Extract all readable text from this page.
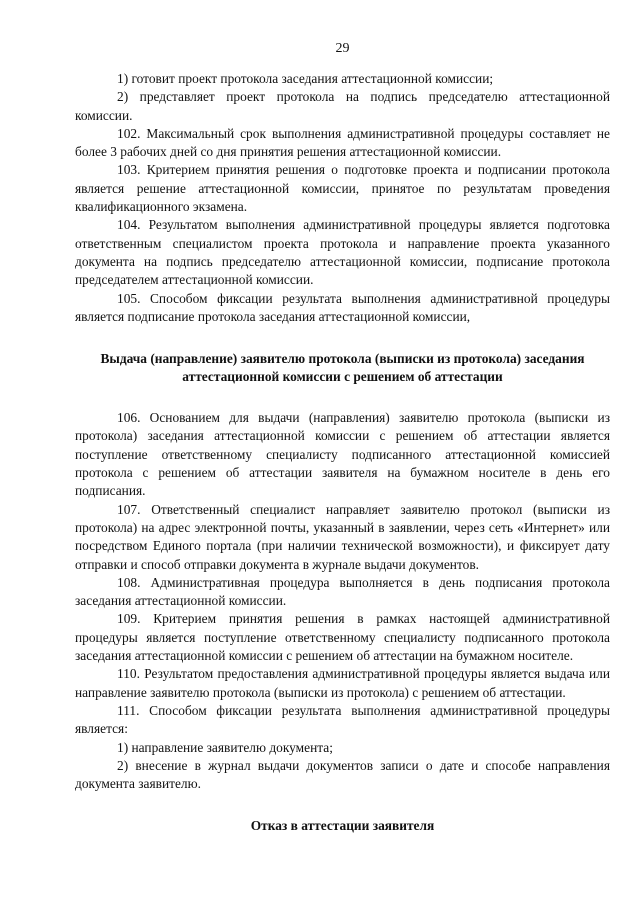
29

1) готовит проект протокола заседания аттестационной комиссии;

2) представляет проект протокола на подпись председателю аттестационной комиссии.

102. Максимальный срок выполнения административной процедуры составляет не более 3 рабочих дней со дня принятия решения аттестационной комиссии.

103. Критерием принятия решения о подготовке проекта и подписании протокола является решение аттестационной комиссии, принятое по результатам проведения квалификационного экзамена.

104. Результатом выполнения административной процедуры является подготовка ответственным специалистом проекта протокола и направление проекта указанного документа на подпись председателю аттестационной комиссии, подписание протокола председателем аттестационной комиссии.

105. Способом фиксации результата выполнения административной процедуры является подписание протокола заседания аттестационной комиссии,

Выдача (направление) заявителю протокола (выписки из протокола) заседания аттестационной комиссии с решением об аттестации

106. Основанием для выдачи (направления) заявителю протокола (выписки из протокола) заседания аттестационной комиссии с решением об аттестации является поступление ответственному специалисту подписанного аттестационной комиссией протокола с решением об аттестации заявителя на бумажном носителе в день его подписания.

107. Ответственный специалист направляет заявителю протокол (выписки из протокола) на адрес электронной почты, указанный в заявлении, через сеть «Интернет» или посредством Единого портала (при наличии технической возможности), и фиксирует дату отправки и способ отправки документа в журнале выдачи документов.

108. Административная процедура выполняется в день подписания протокола заседания аттестационной комиссии.

109. Критерием принятия решения в рамках настоящей административной процедуры является поступление ответственному специалисту подписанного протокола заседания аттестационной комиссии с решением об аттестации на бумажном носителе.

110. Результатом предоставления административной процедуры является выдача или направление заявителю протокола (выписки из протокола) с решением об аттестации.

111. Способом фиксации результата выполнения административной процедуры является:

1) направление заявителю документа;

2) внесение в журнал выдачи документов записи о дате и способе направления документа заявителю.

Отказ в аттестации заявителя
